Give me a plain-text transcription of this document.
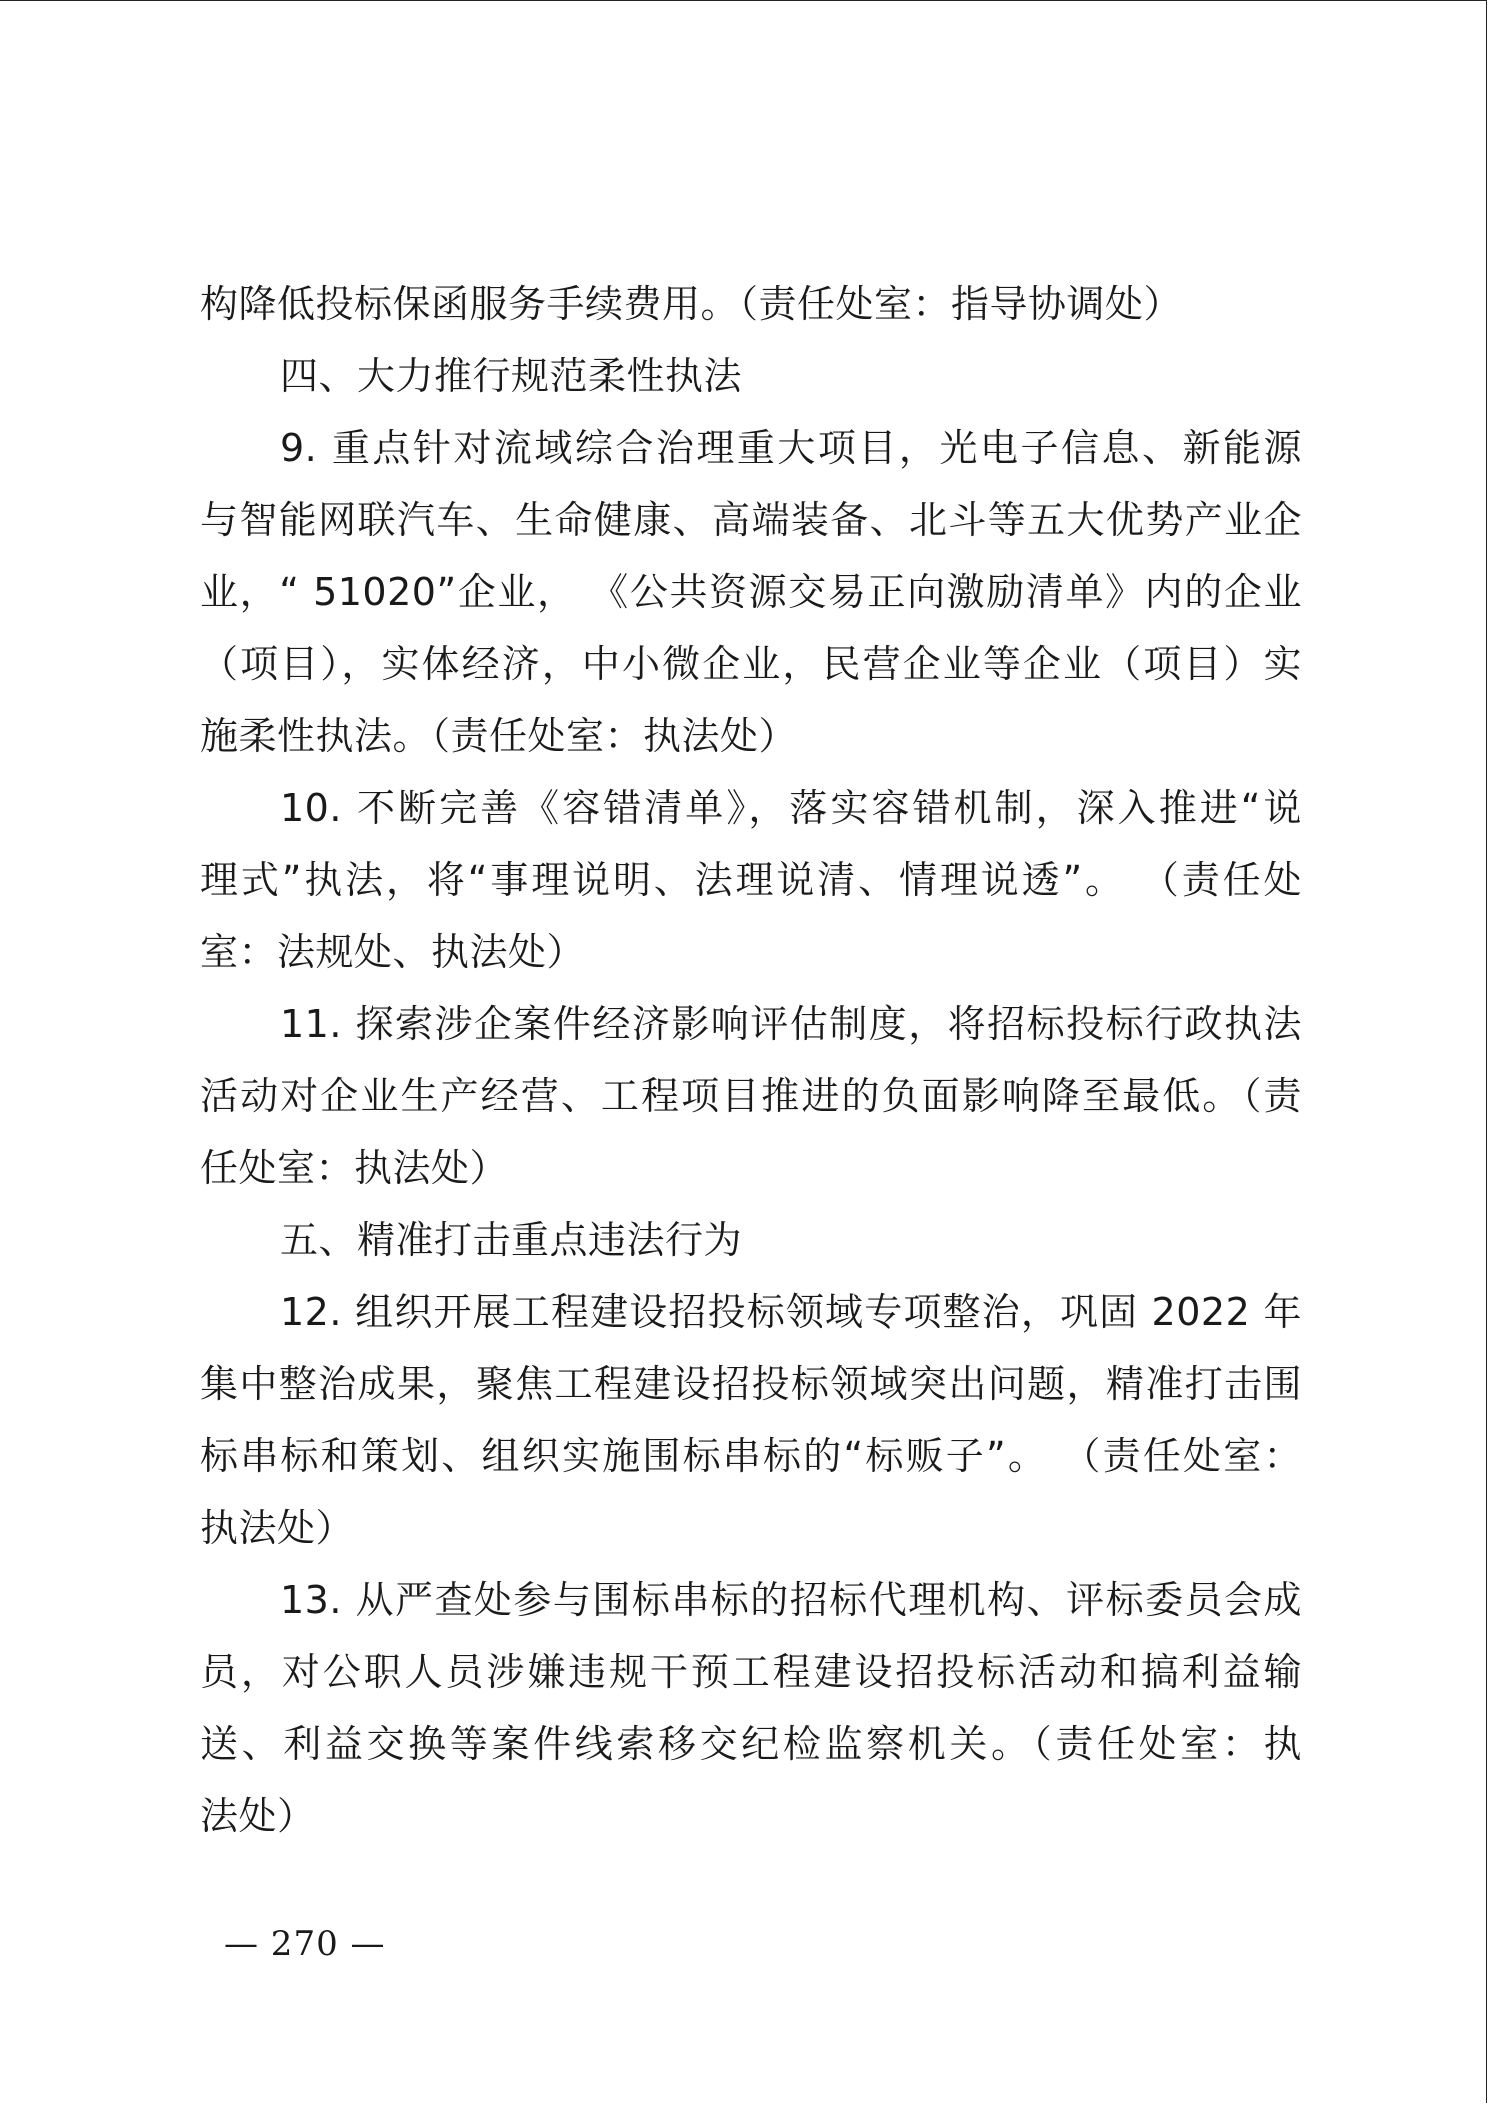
构降低投标保函服务手续费用。（责任处室：指导协调处）
四、大力推行规范柔性执法
9. 重点针对流域综合治理重大项目，光电子信息、新能源
与智能网联汽车、生命健康、高端装备、北斗等五大优势产业企
业，“ 51020”企业， 《公共资源交易正向激励清单》内的企业
（项目），实体经济，中小微企业，民营企业等企业（项目）实
施柔性执法。（责任处室：执法处）
10. 不断完善《容错清单》，落实容错机制，深入推进“说
理式”执法，将“事理说明、法理说清、情理说透”。 （责任处
室：法规处、执法处）
11. 探索涉企案件经济影响评估制度，将招标投标行政执法
活动对企业生产经营、工程项目推进的负面影响降至最低。（责
任处室：执法处）
五、精准打击重点违法行为
12. 组织开展工程建设招投标领域专项整治，巩固 2022 年
集中整治成果，聚焦工程建设招投标领域突出问题，精准打击围
标串标和策划、组织实施围标串标的“标贩子”。 （责任处室：
执法处）
13. 从严查处参与围标串标的招标代理机构、评标委员会成
员，对公职人员涉嫌违规干预工程建设招投标活动和搞利益输
送、利益交换等案件线索移交纪检监察机关。（责任处室：执
法处）
— 270 —
